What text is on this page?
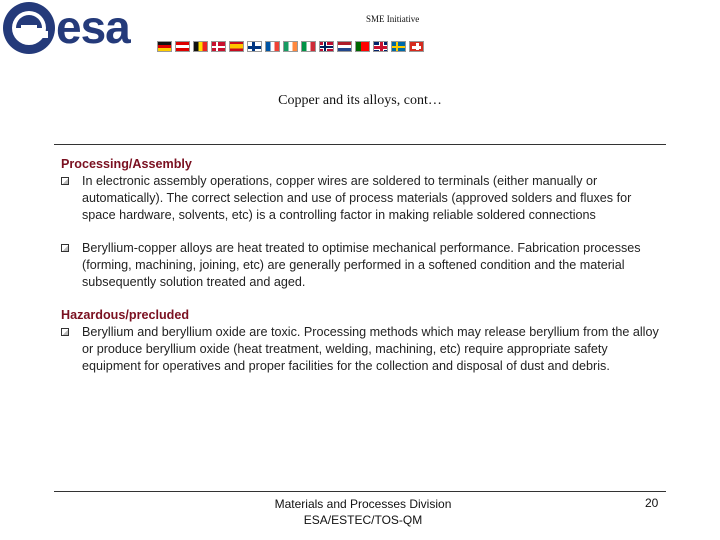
esa	SME Initiative
Copper and its alloys, cont…
Processing/Assembly
In electronic assembly operations, copper wires are soldered to terminals (either manually or automatically). The correct selection and use of process materials (approved solders and fluxes for space hardware, solvents, etc) is a controlling factor in making reliable soldered connections
Beryllium-copper alloys are heat treated to optimise mechanical performance. Fabrication processes (forming, machining, joining, etc) are generally performed in a softened condition and the material subsequently solution treated and aged.
Hazardous/precluded
Beryllium and beryllium oxide are toxic. Processing methods which may release beryllium from the alloy or produce beryllium oxide (heat treatment, welding, machining, etc) require appropriate safety equipment for operatives and proper facilities for the collection and disposal of dust and debris.
Materials and Processes Division
ESA/ESTEC/TOS-QM
20
